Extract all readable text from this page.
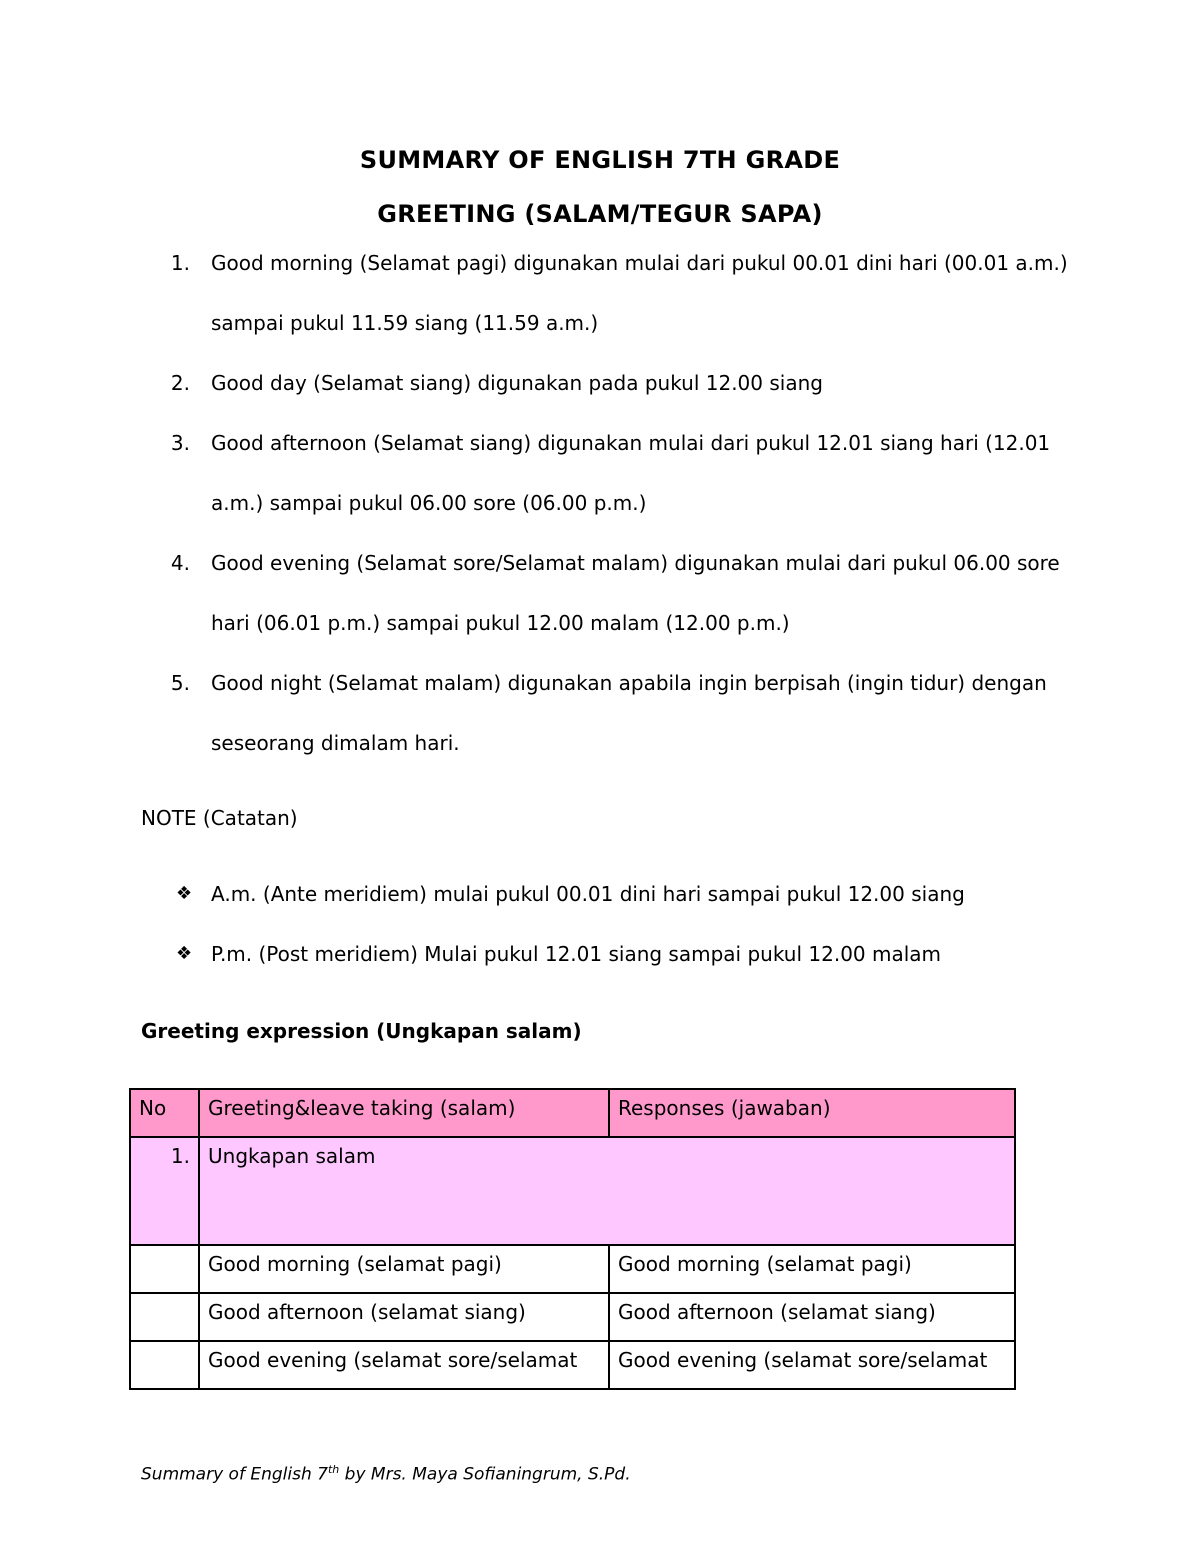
SUMMARY OF ENGLISH 7TH GRADE
GREETING (SALAM/TEGUR SAPA)
1. Good morning (Selamat pagi) digunakan mulai dari pukul 00.01 dini hari (00.01 a.m.)
sampai pukul 11.59 siang (11.59 a.m.)
2. Good day (Selamat siang) digunakan pada pukul 12.00 siang
3. Good afternoon (Selamat siang) digunakan mulai dari pukul 12.01 siang hari (12.01
a.m.) sampai pukul 06.00 sore (06.00 p.m.)
4. Good evening (Selamat sore/Selamat malam) digunakan mulai dari pukul 06.00 sore
hari (06.01 p.m.) sampai pukul 12.00 malam (12.00 p.m.)
5. Good night (Selamat malam) digunakan apabila ingin berpisah (ingin tidur) dengan
seseorang dimalam hari.
NOTE (Catatan)
❖ A.m. (Ante meridiem) mulai pukul 00.01 dini hari sampai pukul 12.00 siang
❖ P.m. (Post meridiem) Mulai pukul 12.01 siang sampai pukul 12.00 malam
Greeting expression (Ungkapan salam)
No	Greeting&leave taking (salam)	Responses (jawaban)
1.	Ungkapan salam	
	Good morning (selamat pagi)	Good morning (selamat pagi)
	Good afternoon (selamat siang)	Good afternoon (selamat siang)
	Good evening (selamat sore/selamat	Good evening (selamat sore/selamat
Summary of English 7th by Mrs. Maya Sofianingrum, S.Pd.
